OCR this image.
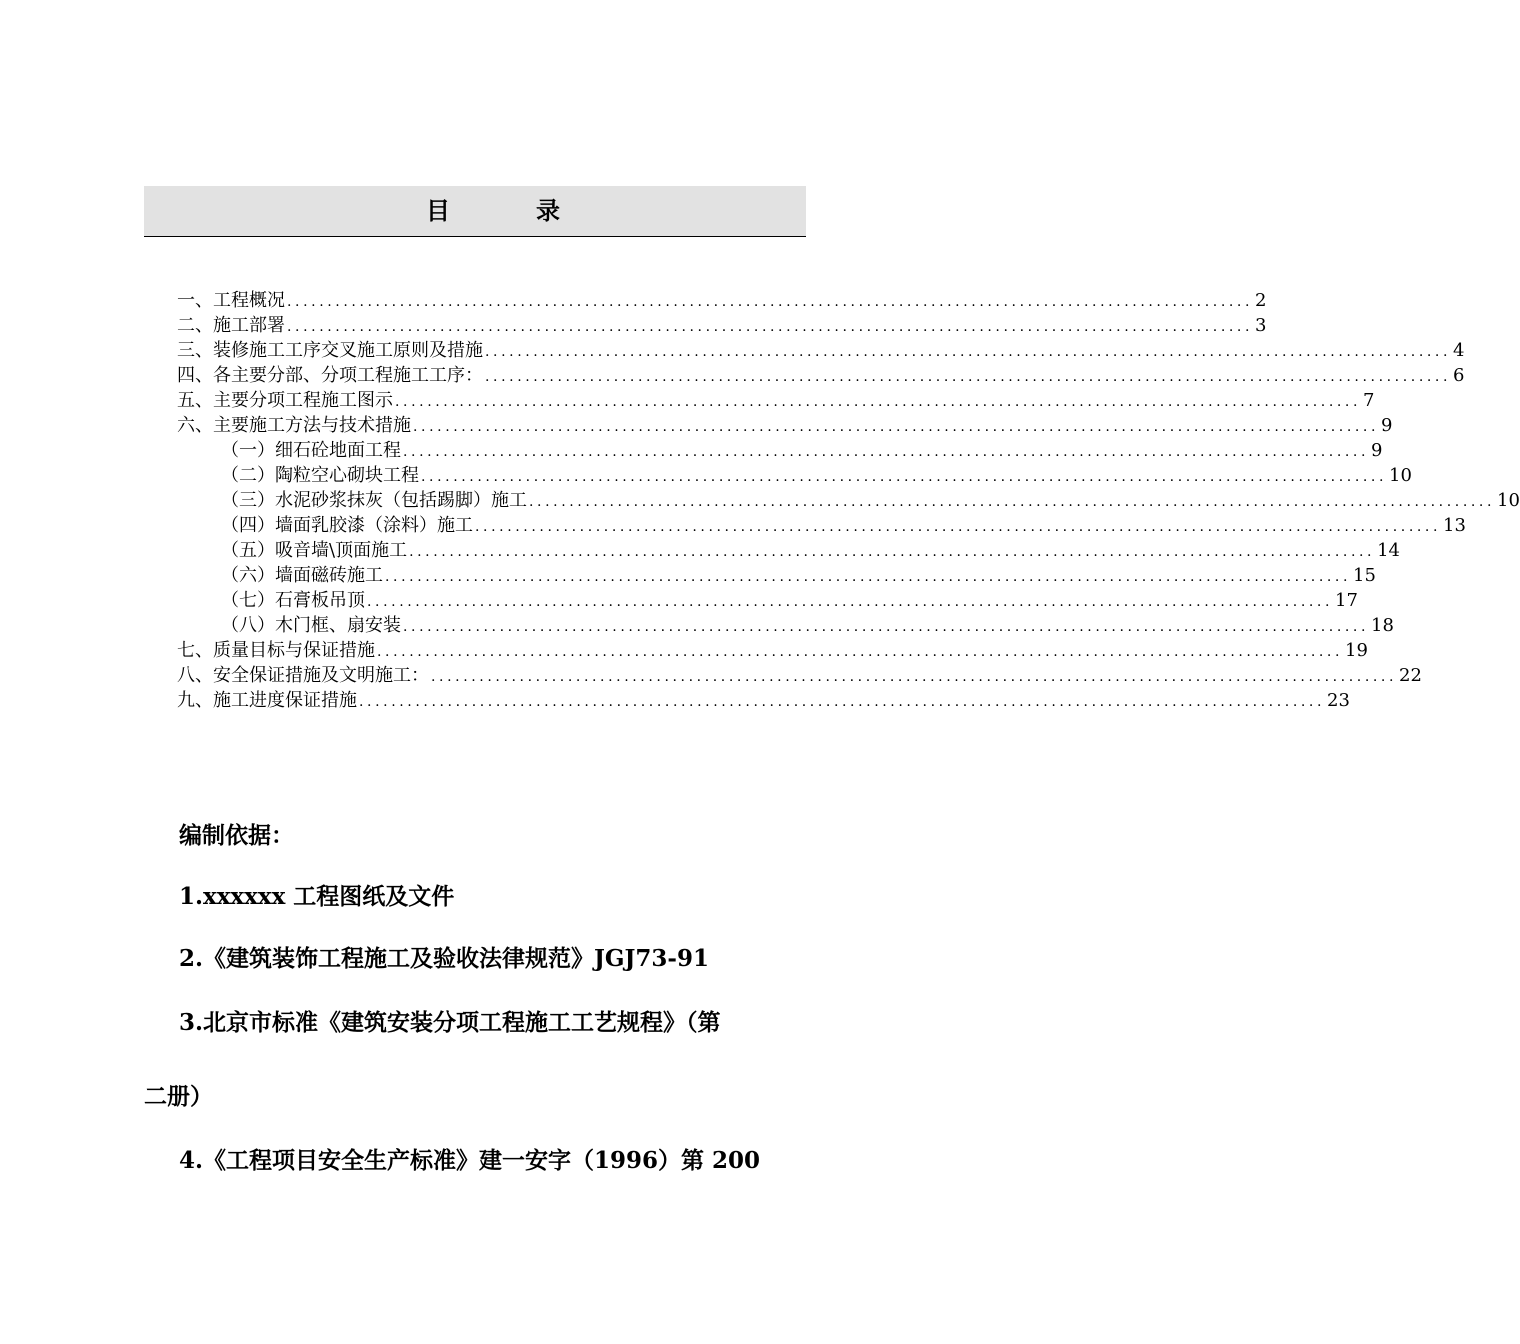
目	录
一、工程概况 ........................................................................................................................ 2
二、施工部署 ........................................................................................................................ 3
三、装修施工工序交叉施工原则及措施 ........................................................................................................................ 4
四、各主要分部、分项工程施工工序： ........................................................................................................................ 6
五、主要分项工程施工图示 ........................................................................................................................ 7
六、主要施工方法与技术措施 ........................................................................................................................ 9
（一）细石砼地面工程 ........................................................................................................................ 9
（二）陶粒空心砌块工程 ........................................................................................................................ 10
（三）水泥砂浆抹灰（包括踢脚）施工 ........................................................................................................................ 10
（四）墙面乳胶漆（涂料）施工 ........................................................................................................................ 13
（五）吸音墙\顶面施工 ........................................................................................................................ 14
（六）墙面磁砖施工 ........................................................................................................................ 15
（七）石膏板吊顶 ........................................................................................................................ 17
（八）木门框、扇安装 ........................................................................................................................ 18
七、质量目标与保证措施 ........................................................................................................................ 19
八、安全保证措施及文明施工： ........................................................................................................................ 22
九、施工进度保证措施 ........................................................................................................................ 23
编制依据：
1.xxxxxx 工程图纸及文件
2.《建筑装饰工程施工及验收法律规范》JGJ73-91
3.北京市标准《建筑安装分项工程施工工艺规程》（第
二册）
4.《工程项目安全生产标准》建一安字（1996）第 200
